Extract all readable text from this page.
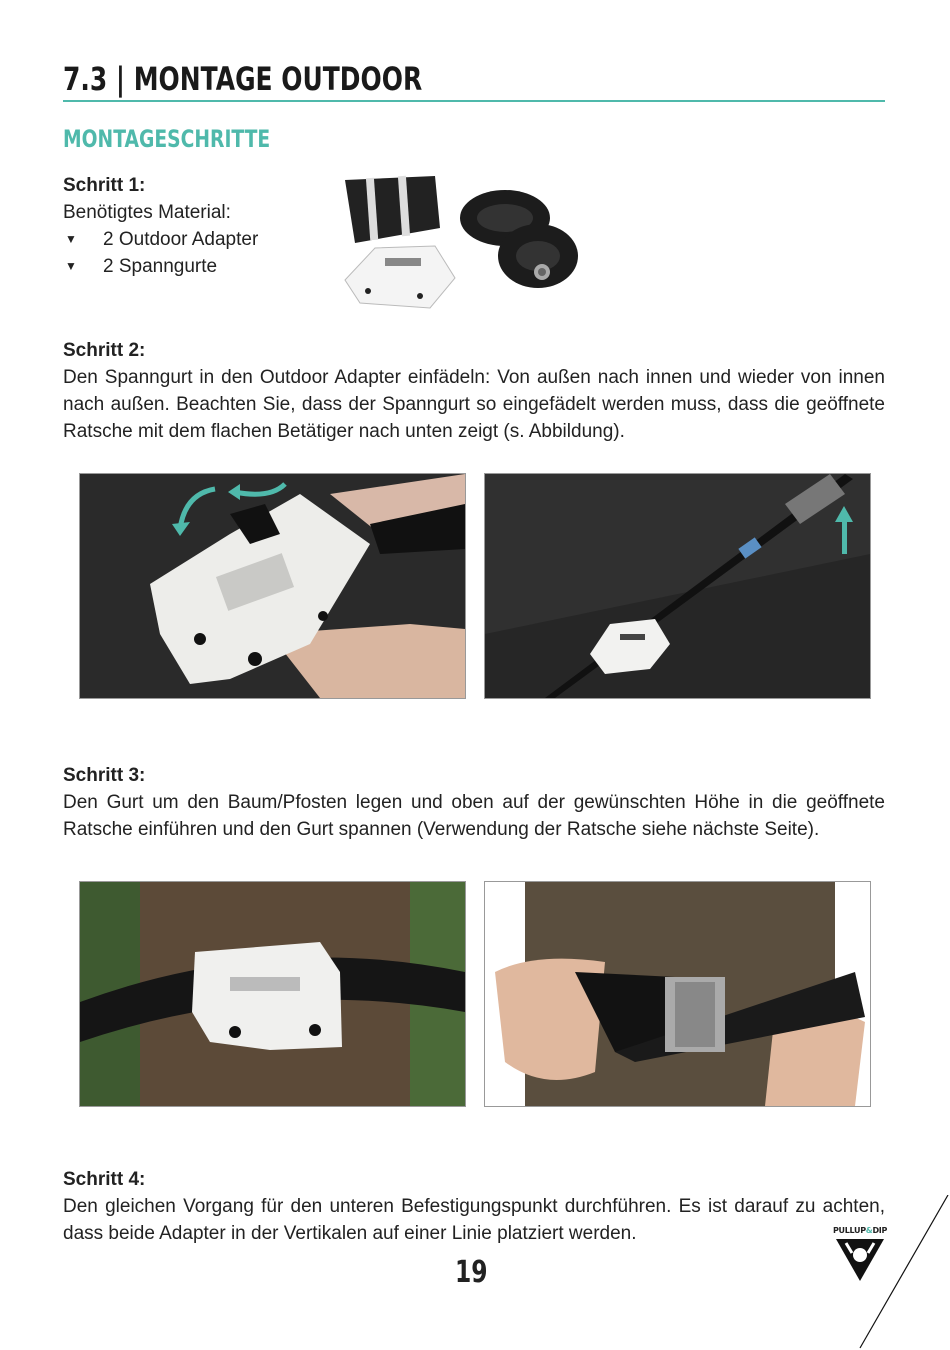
7.3 | MONTAGE OUTDOOR
MONTAGESCHRITTE
Schritt 1:
Benötigtes Material:
▼ 2 Outdoor Adapter
▼ 2 Spanngurte
Schritt 2:
Den Spanngurt in den Outdoor Adapter einfädeln: Von außen nach innen und wieder von innen nach außen. Beachten Sie, dass der Spanngurt so eingefädelt werden muss, dass die geöffnete Ratsche mit dem flachen Betätiger nach unten zeigt (s. Abbildung).
Schritt 3:
Den Gurt um den Baum/Pfosten legen und oben auf der gewünschten Höhe in die geöffnete Ratsche einführen und den Gurt spannen (Verwendung der Ratsche siehe nächste Seite).
Schritt 4:
Den gleichen Vorgang für den unteren Befestigungspunkt durchführen. Es ist darauf zu achten, dass beide Adapter in der Vertikalen auf einer Linie platziert werden.
19
PULLUP&DIP
